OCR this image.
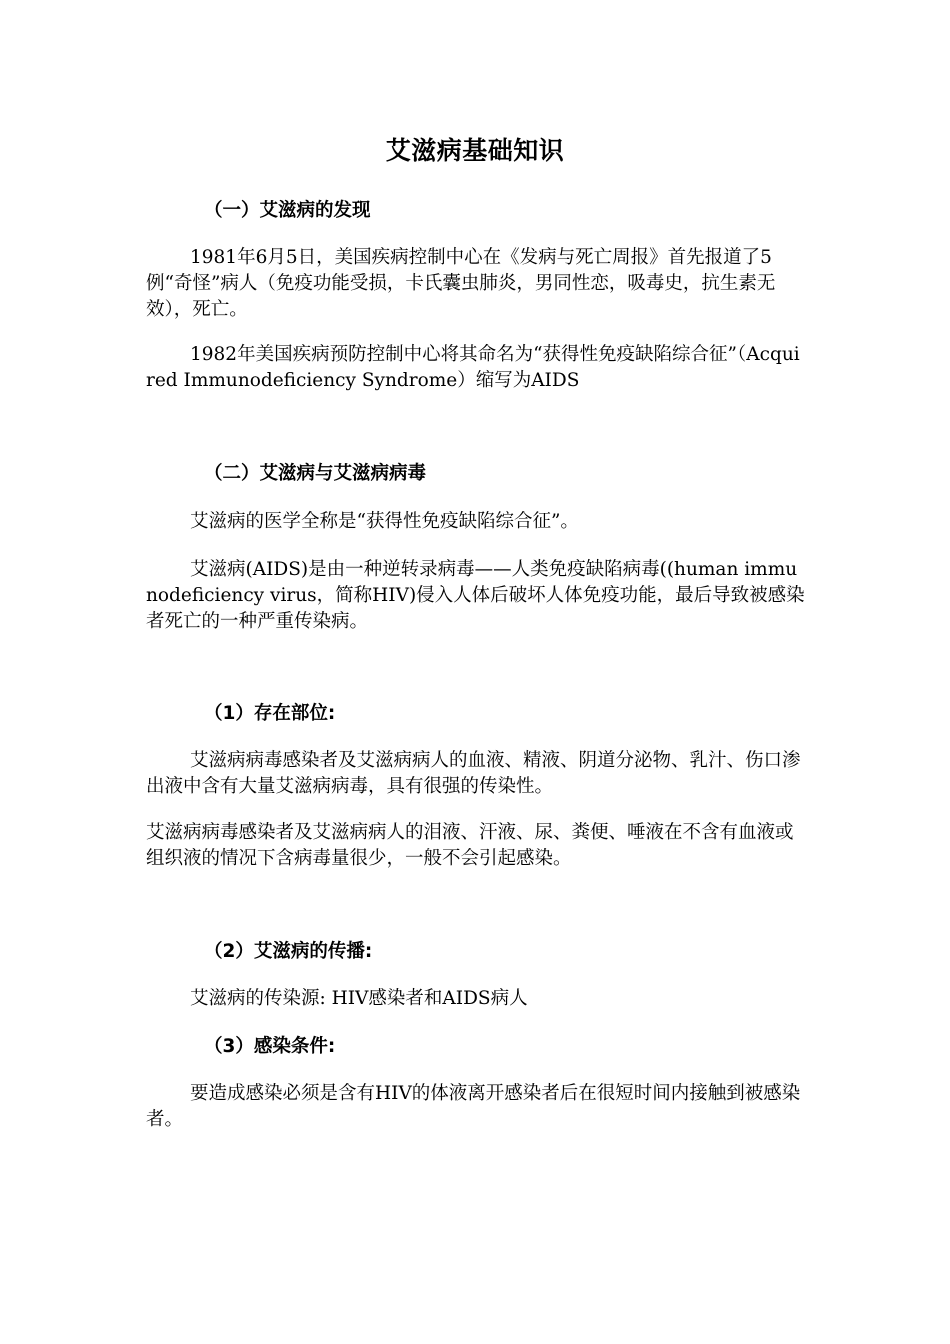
艾滋病基础知识
（一）艾滋病的发现

1981年6月5日，美国疾病控制中心在《发病与死亡周报》首先报道了5例“奇怪”病人（免疫功能受损，卡氏囊虫肺炎，男同性恋，吸毒史，抗生素无效），死亡。

1982年美国疾病预防控制中心将其命名为“获得性免疫缺陷综合征”（Acquired Immunodeficiency Syndrome）缩写为AIDS

（二）艾滋病与艾滋病病毒

艾滋病的医学全称是“获得性免疫缺陷综合征”。

艾滋病(AIDS)是由一种逆转录病毒——人类免疫缺陷病毒((human immunodeficiency virus，简称HIV)侵入人体后破坏人体免疫功能，最后导致被感染者死亡的一种严重传染病。

（1）存在部位:

艾滋病病毒感染者及艾滋病病人的血液、精液、阴道分泌物、乳汁、伤口渗出液中含有大量艾滋病病毒，具有很强的传染性。

艾滋病病毒感染者及艾滋病病人的泪液、汗液、尿、粪便、唾液在不含有血液或组织液的情况下含病毒量很少，一般不会引起感染。

（2）艾滋病的传播:

艾滋病的传染源: HIV感染者和AIDS病人

（3）感染条件:

要造成感染必须是含有HIV的体液离开感染者后在很短时间内接触到被感染者。
